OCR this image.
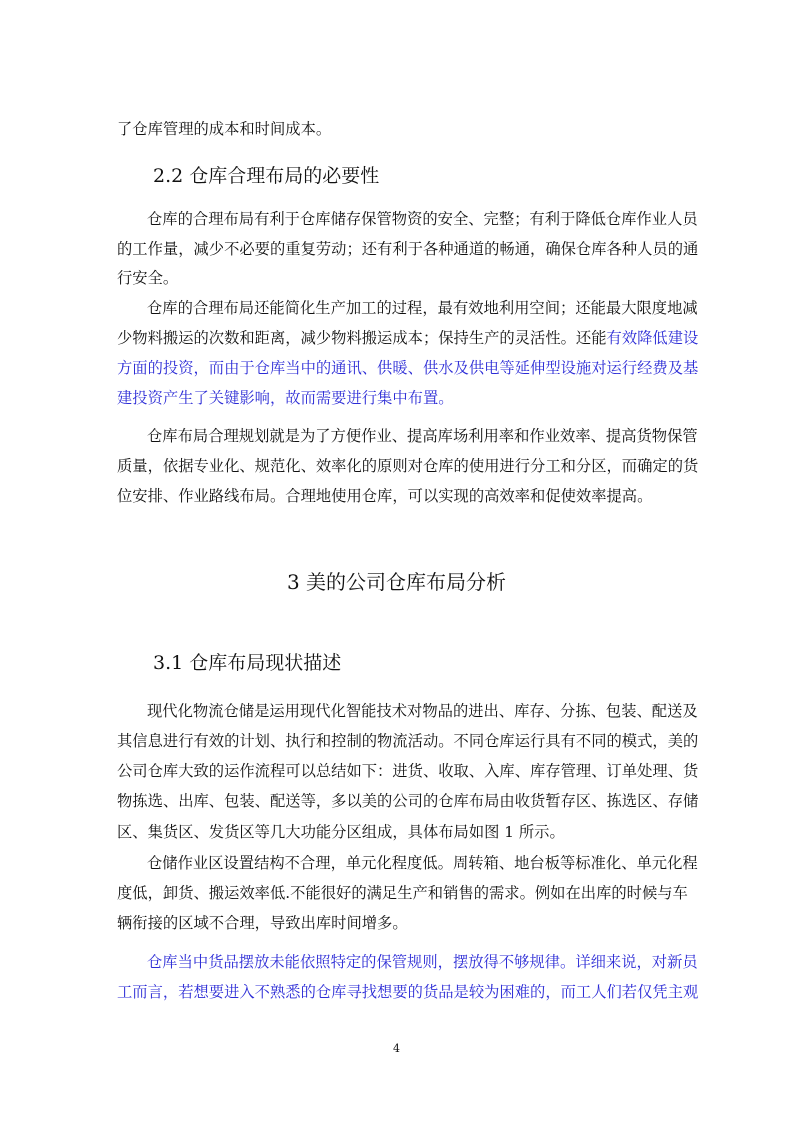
了仓库管理的成本和时间成本。
2.2 仓库合理布局的必要性
仓库的合理布局有利于仓库储存保管物资的安全、完整；有利于降低仓库作业人员
的工作量，减少不必要的重复劳动；还有利于各种通道的畅通，确保仓库各种人员的通
行安全。
仓库的合理布局还能简化生产加工的过程，最有效地利用空间；还能最大限度地减
少物料搬运的次数和距离，减少物料搬运成本；保持生产的灵活性。还能有效降低建设
方面的投资，而由于仓库当中的通讯、供暖、供水及供电等延伸型设施对运行经费及基
建投资产生了关键影响，故而需要进行集中布置。
仓库布局合理规划就是为了方便作业、提高库场利用率和作业效率、提高货物保管
质量，依据专业化、规范化、效率化的原则对仓库的使用进行分工和分区，而确定的货
位安排、作业路线布局。合理地使用仓库，可以实现的高效率和促使效率提高。
3 美的公司仓库布局分析
3.1 仓库布局现状描述
现代化物流仓储是运用现代化智能技术对物品的进出、库存、分拣、包装、配送及
其信息进行有效的计划、执行和控制的物流活动。不同仓库运行具有不同的模式，美的
公司仓库大致的运作流程可以总结如下：进货、收取、入库、库存管理、订单处理、货
物拣选、出库、包装、配送等，多以美的公司的仓库布局由收货暂存区、拣选区、存储
区、集货区、发货区等几大功能分区组成，具体布局如图 1 所示。
仓储作业区设置结构不合理，单元化程度低。周转箱、地台板等标准化、单元化程
度低，卸货、搬运效率低.不能很好的满足生产和销售的需求。例如在出库的时候与车
辆衔接的区域不合理，导致出库时间增多。
仓库当中货品摆放未能依照特定的保管规则，摆放得不够规律。详细来说，对新员
工而言，若想要进入不熟悉的仓库寻找想要的货品是较为困难的，而工人们若仅凭主观
4
